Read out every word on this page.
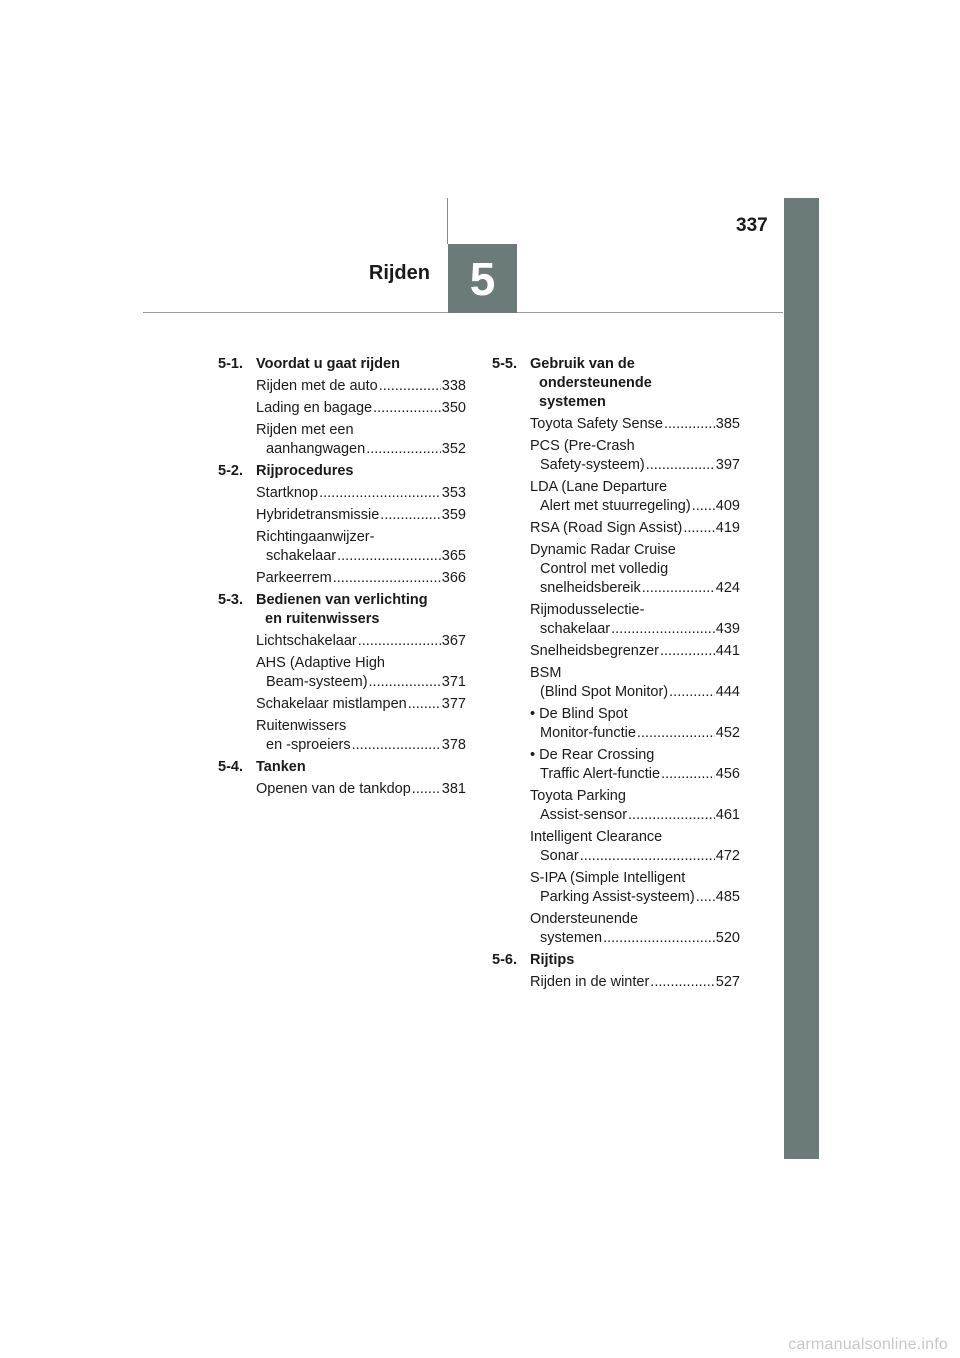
5
Rijden
337
5-1. Voordat u gaat rijden
Rijden met de auto .....	338
Lading en bagage .....	350
Rijden met een
aanhangwagen .....	352
5-2. Rijprocedures
Startknop .....	353
Hybridetransmissie .....	359
Richtingaanwijzer-
schakelaar .....	365
Parkeerrem .....	366
5-3. Bedienen van verlichting
en ruitenwissers
Lichtschakelaar .....	367
AHS (Adaptive High
Beam-systeem) .....	371
Schakelaar mistlampen ..... 377
Ruitenwissers
en -sproeiers .....	378
5-4. Tanken
Openen van de tankdop ..... 381
5-5. Gebruik van de
ondersteunende
systemen
Toyota Safety Sense .....	385
PCS (Pre-Crash
Safety-systeem) .....	397
LDA (Lane Departure
Alert met stuurregeling) ..... 409
RSA (Road Sign Assist) ..... 419
Dynamic Radar Cruise
Control met volledig
snelheidsbereik .....	424
Rijmodusselectie-
schakelaar .....	439
Snelheidsbegrenzer .....	441
BSM
(Blind Spot Monitor) .....	444
• De Blind Spot
Monitor-functie .....	452
• De Rear Crossing
Traffic Alert-functie .....	456
Toyota Parking
Assist-sensor .....	461
Intelligent Clearance
Sonar .....	472
S-IPA (Simple Intelligent
Parking Assist-systeem) ..... 485
Ondersteunende
systemen .....	520
5-6. Rijtips
Rijden in de winter .....	527
carmanualsonline.info
